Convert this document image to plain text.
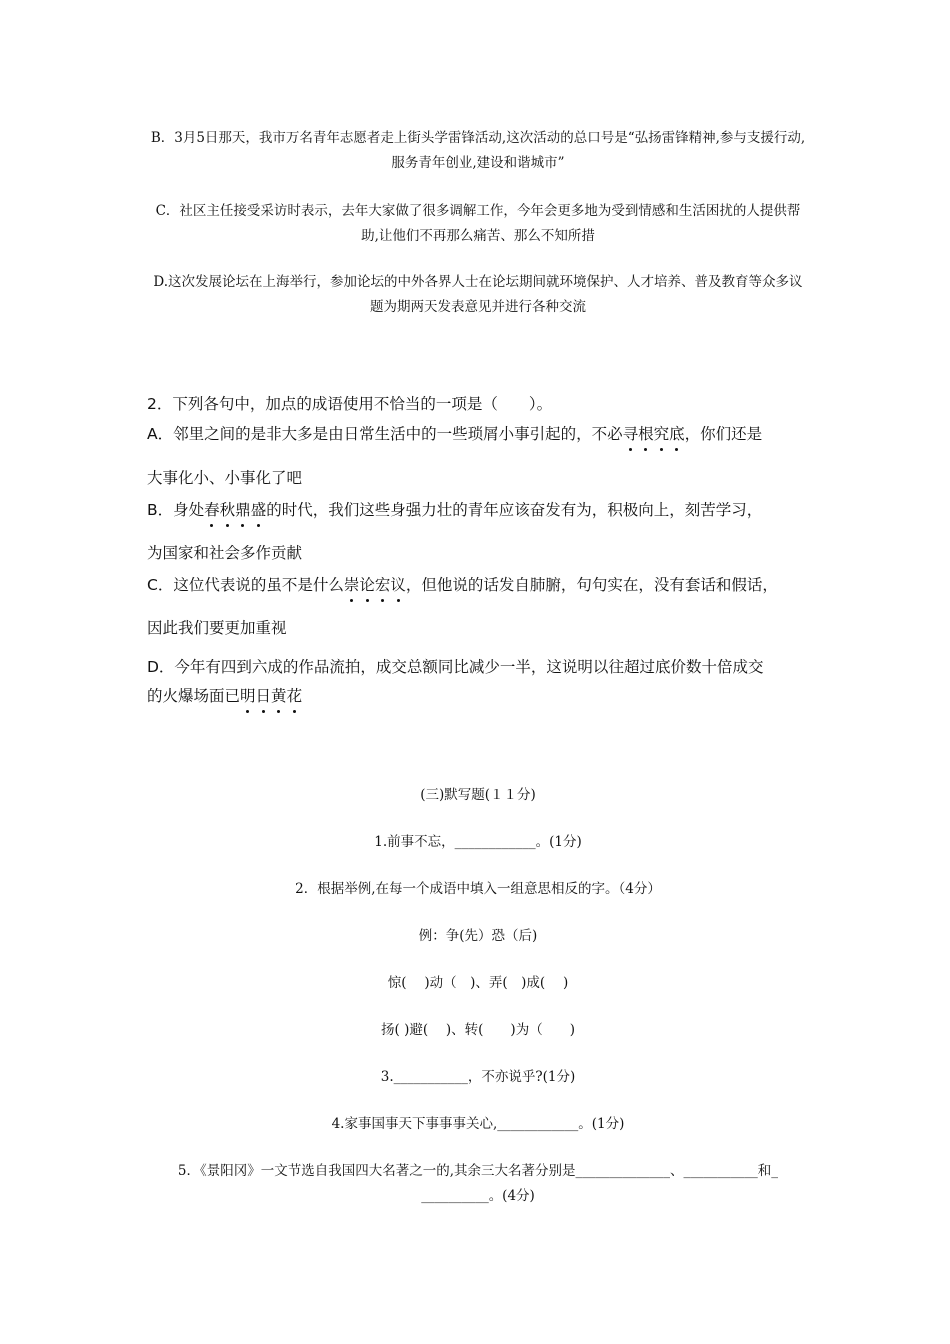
B．3月5日那天，我市万名青年志愿者走上街头学雷锋活动,这次活动的总口号是“弘扬雷锋精神,参与支援行动,服务青年创业,建设和谐城市”
C．社区主任接受采访时表示，去年大家做了很多调解工作，今年会更多地为受到情感和生活困扰的人提供帮助,让他们不再那么痛苦、那么不知所措
D.这次发展论坛在上海举行，参加论坛的中外各界人士在论坛期间就环境保护、人才培养、普及教育等众多议题为期两天发表意见并进行各种交流
2．下列各句中，加点的成语使用不恰当的一项是（　　）。
A．邻里之间的是非大多是由日常生活中的一些琐屑小事引起的，不必寻根究底，你们还是
大事化小、小事化了吧
B．身处春秋鼎盛的时代，我们这些身强力壮的青年应该奋发有为，积极向上，刻苦学习，
为国家和社会多作贡献
C．这位代表说的虽不是什么崇论宏议，但他说的话发自肺腑，句句实在，没有套话和假话，
因此我们要更加重视
D．今年有四到六成的作品流拍，成交总额同比减少一半，这说明以往超过底价数十倍成交
的火爆场面已明日黄花
(三)默写题(１１分)
1.前事不忘，____________。(1分)
2．根据举例,在每一个成语中填入一组意思相反的字。（4分）
例：争(先）恐（后)
惊(　 )动（　)、弄(　)成(　 )
扬( )避(　 )、转(　　)为（　　)
3.___________，不亦说乎?(1分)
4.家事国事天下事事事关心,____________。(1分)
5．《景阳冈》一文节选自我国四大名著之一的,其余三大名著分别是______________、___________和_
__________。(4分)
